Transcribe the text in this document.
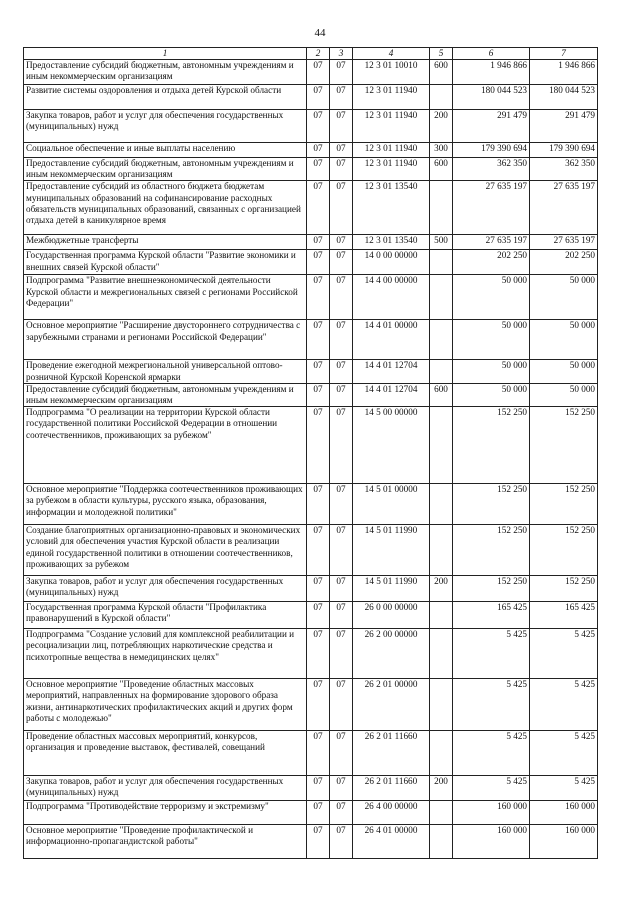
44
1	2	3	4	5	6	7
Предоставление субсидий бюджетным, автономным учреждениям и иным некоммерческим организациям	07	07	12 3 01 10010	600	1 946 866	1 946 866
Развитие системы оздоровления и отдыха детей Курской области	07	07	12 3 01 11940		180 044 523	180 044 523
Закупка товаров, работ и услуг для обеспечения государственных (муниципальных) нужд	07	07	12 3 01 11940	200	291 479	291 479
Социальное обеспечение и иные выплаты населению	07	07	12 3 01 11940	300	179 390 694	179 390 694
Предоставление субсидий бюджетным, автономным учреждениям и иным некоммерческим организациям	07	07	12 3 01 11940	600	362 350	362 350
Предоставление субсидий из областного бюджета бюджетам муниципальных образований на софинансирование расходных обязательств муниципальных образований, связанных с организацией отдыха детей в каникулярное время	07	07	12 3 01 13540		27 635 197	27 635 197
Межбюджетные трансферты	07	07	12 3 01 13540	500	27 635 197	27 635 197
Государственная программа Курской области "Развитие экономики и внешних связей Курской области"	07	07	14 0 00 00000		202 250	202 250
Подпрограмма "Развитие внешнеэкономической деятельности Курской области и межрегиональных связей с регионами Российской Федерации"	07	07	14 4 00 00000		50 000	50 000
Основное мероприятие "Расширение двустороннего сотрудничества с зарубежными странами и регионами Российской Федерации"	07	07	14 4 01 00000		50 000	50 000
Проведение ежегодной межрегиональной универсальной оптово-розничной Курской Коренской ярмарки	07	07	14 4 01 12704		50 000	50 000
Предоставление субсидий бюджетным, автономным учреждениям и иным некоммерческим организациям	07	07	14 4 01 12704	600	50 000	50 000
Подпрограмма "О реализации на территории Курской области государственной политики Российской Федерации в отношении соотечественников, проживающих за рубежом"	07	07	14 5 00 00000		152 250	152 250
Основное мероприятие "Поддержка соотечественников проживающих за рубежом в области культуры, русского языка, образования, информации и молодежной политики"	07	07	14 5 01 00000		152 250	152 250
Создание благоприятных организационно-правовых и экономических условий для обеспечения участия Курской области в реализации единой государственной политики в отношении соотечественников, проживающих за рубежом	07	07	14 5 01 11990		152 250	152 250
Закупка товаров, работ и услуг для обеспечения государственных (муниципальных) нужд	07	07	14 5 01 11990	200	152 250	152 250
Государственная программа Курской области "Профилактика правонарушений в Курской области"	07	07	26 0 00 00000		165 425	165 425
Подпрограмма "Создание условий для комплексной реабилитации и ресоциализации лиц, потребляющих наркотические средства и психотропные вещества в немедицинских целях"	07	07	26 2 00 00000		5 425	5 425
Основное мероприятие "Проведение областных массовых мероприятий, направленных на формирование здорового образа жизни, антинаркотических профилактических акций и других форм работы с молодежью"	07	07	26 2 01 00000		5 425	5 425
Проведение областных массовых мероприятий, конкурсов, организация и проведение выставок, фестивалей, совещаний	07	07	26 2 01 11660		5 425	5 425
Закупка товаров, работ и услуг для обеспечения государственных (муниципальных) нужд	07	07	26 2 01 11660	200	5 425	5 425
Подпрограмма "Противодействие терроризму и экстремизму"	07	07	26 4 00 00000		160 000	160 000
Основное мероприятие "Проведение профилактической и информационно-пропагандистской работы"	07	07	26 4 01 00000		160 000	160 000
